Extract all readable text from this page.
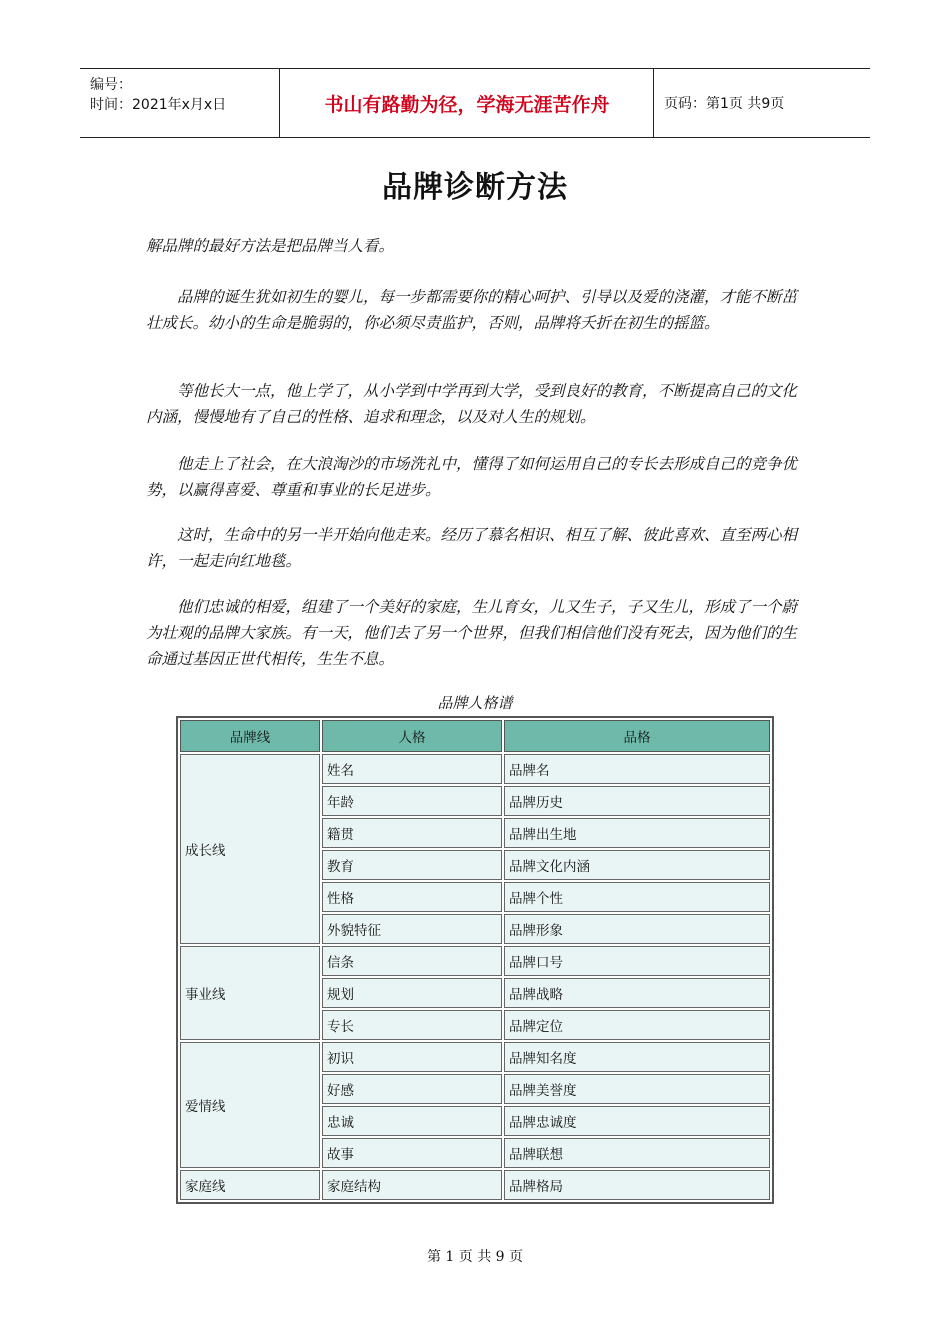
编号：
时间：2021年x月x日	书山有路勤为径，学海无涯苦作舟	页码：第1页 共9页
品牌诊断方法

解品牌的最好方法是把品牌当人看。

品牌的诞生犹如初生的婴儿，每一步都需要你的精心呵护、引导以及爱的浇灌，才能不断茁壮成长。幼小的生命是脆弱的，你必须尽责监护，否则，品牌将夭折在初生的摇篮。

等他长大一点，他上学了，从小学到中学再到大学，受到良好的教育，不断提高自己的文化内涵，慢慢地有了自己的性格、追求和理念，以及对人生的规划。

他走上了社会，在大浪淘沙的市场洗礼中，懂得了如何运用自己的专长去形成自己的竞争优势，以赢得喜爱、尊重和事业的长足进步。

这时，生命中的另一半开始向他走来。经历了慕名相识、相互了解、彼此喜欢、直至两心相许，一起走向红地毯。

他们忠诚的相爱，组建了一个美好的家庭，生儿育女，儿又生子，子又生儿，形成了一个蔚为壮观的品牌大家族。有一天，他们去了另一个世界，但我们相信他们没有死去，因为他们的生命通过基因正世代相传，生生不息。

品牌人格谱
品牌线	人格	品格
成长线	姓名	品牌名
	年龄	品牌历史
	籍贯	品牌出生地
	教育	品牌文化内涵
	性格	品牌个性
	外貌特征	品牌形象
事业线	信条	品牌口号
	规划	品牌战略
	专长	品牌定位
爱情线	初识	品牌知名度
	好感	品牌美誉度
	忠诚	品牌忠诚度
	故事	品牌联想
家庭线	家庭结构	品牌格局
第 1 页 共 9 页
